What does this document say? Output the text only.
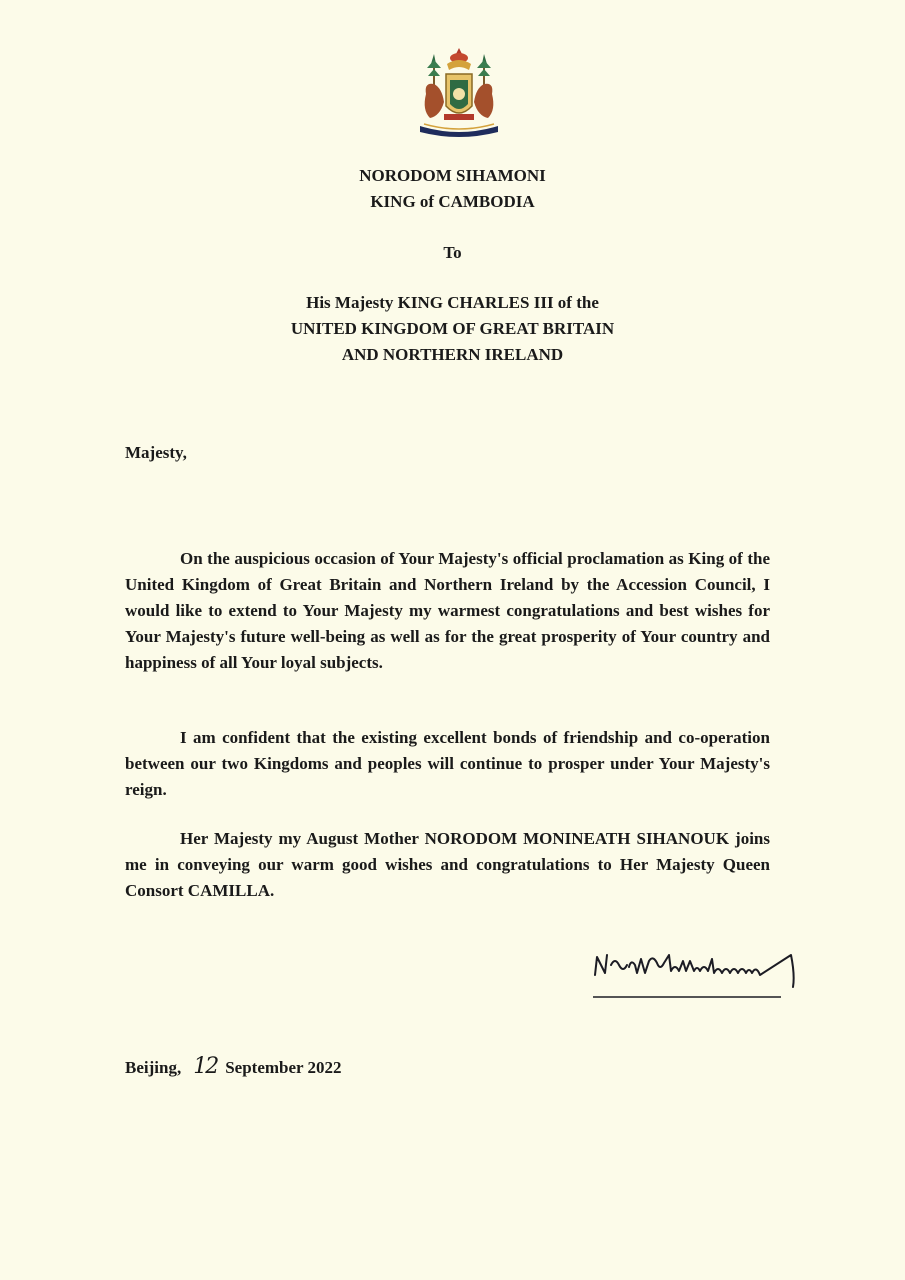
NORODOM SIHAMONI
KING of CAMBODIA
To
His Majesty KING CHARLES III of the
UNITED KINGDOM OF GREAT BRITAIN
AND NORTHERN IRELAND
Majesty,

On the auspicious occasion of Your Majesty's official proclamation as King of the United Kingdom of Great Britain and Northern Ireland by the Accession Council, I would like to extend to Your Majesty my warmest congratulations and best wishes for Your Majesty's future well-being as well as for the great prosperity of Your country and happiness of all Your loyal subjects.

I am confident that the existing excellent bonds of friendship and co-operation between our two Kingdoms and peoples will continue to prosper under Your Majesty's reign.

Her Majesty my August Mother NORODOM MONINEATH SIHANOUK joins me in conveying our warm good wishes and congratulations to Her Majesty Queen Consort CAMILLA.

Beijing, 12 September 2022
